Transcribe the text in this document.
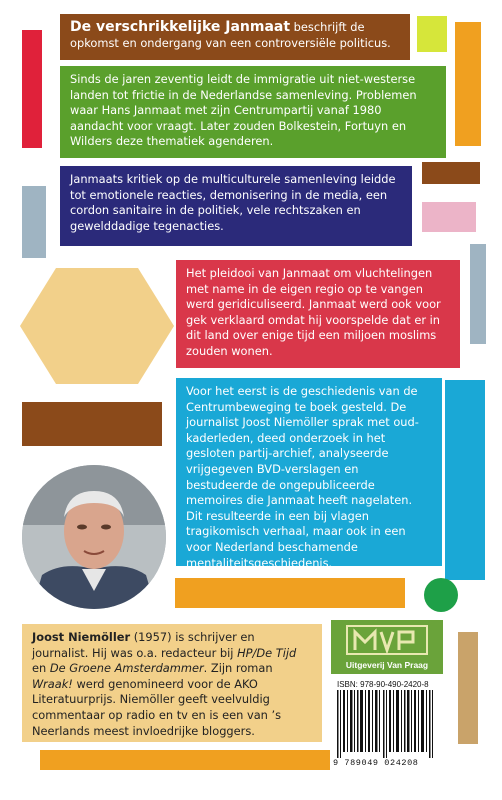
De verschrikkelijke Janmaat beschrijft de opkomst en ondergang van een controversiële politicus.

Sinds de jaren zeventig leidt de immigratie uit niet-westerse landen tot frictie in de Nederlandse samenleving. Problemen waar Hans Janmaat met zijn Centrumpartij vanaf 1980 aandacht voor vraagt. Later zouden Bolkestein, Fortuyn en Wilders deze thematiek agenderen.

Janmaats kritiek op de multiculturele samenleving leidde tot emotionele reacties, demonisering in de media, een cordon sanitaire in de politiek, vele rechtszaken en gewelddadige tegenacties.

Het pleidooi van Janmaat om vluchtelingen met name in de eigen regio op te vangen werd geridiculiseerd. Janmaat werd ook voor gek verklaard omdat hij voorspelde dat er in dit land over enige tijd een miljoen moslims zouden wonen.

Voor het eerst is de geschiedenis van de Centrumbeweging te boek gesteld. De journalist Joost Niemöller sprak met oud-kaderleden, deed onderzoek in het gesloten partij-archief, analyseerde vrijgegeven BVD-verslagen en bestudeerde de ongepubliceerde memoires die Janmaat heeft nagelaten. Dit resulteerde in een bij vlagen tragikomisch verhaal, maar ook in een voor Nederland beschamende mentaliteitsgeschiedenis.

Joost Niemöller (1957) is schrijver en journalist. Hij was o.a. redacteur bij HP/De Tijd en De Groene Amsterdammer. Zijn roman Wraak! werd genomineerd voor de AKO Literatuurprijs. Niemöller geeft veelvuldig commentaar op radio en tv en is een van ’s Neerlands meest invloedrijke bloggers.

Uitgeverij Van Praag
ISBN: 978-90-490-2420-8
9 789049 024208
